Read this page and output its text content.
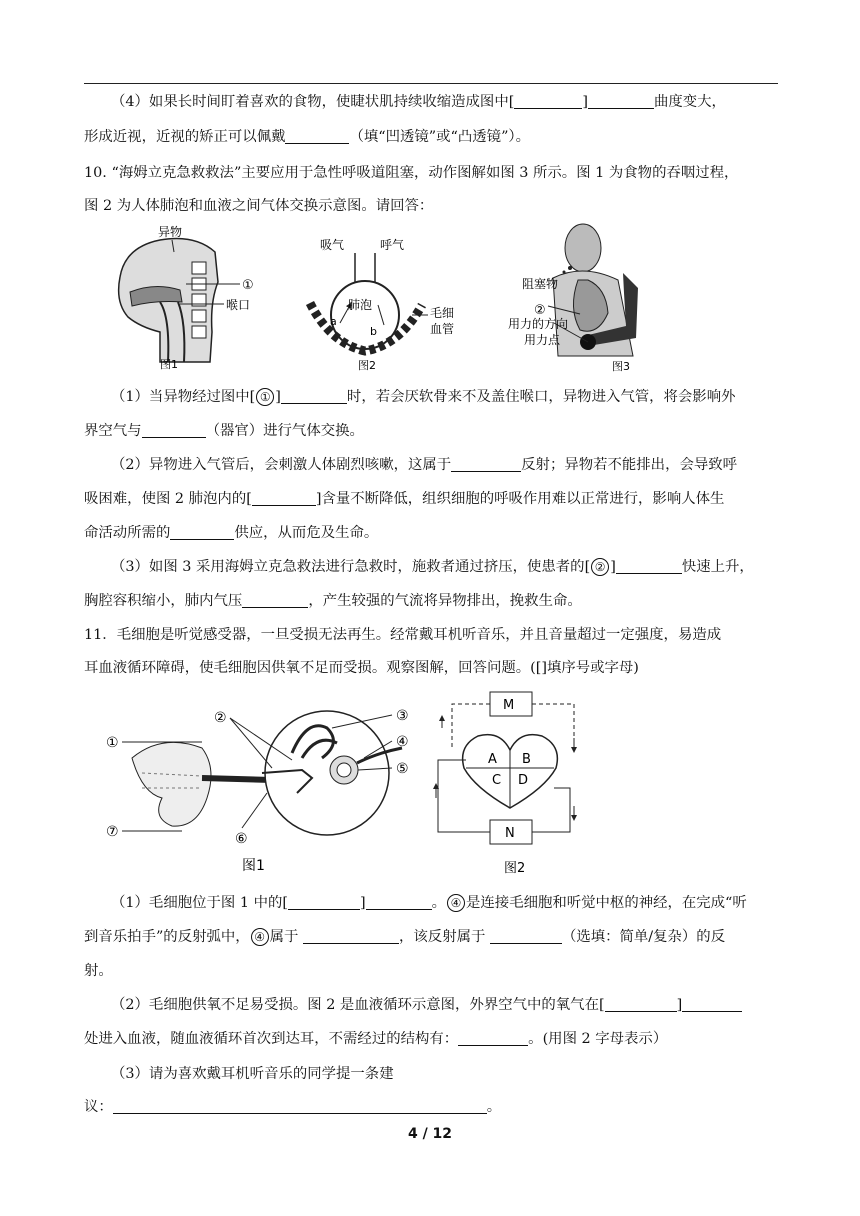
（4）如果长时间盯着喜欢的食物，使睫状肌持续收缩造成图中[	]	曲度变大，
形成近视，近视的矫正可以佩戴	（填“凹透镜”或“凸透镜”）。
10. “海姆立克急救救法”主要应用于急性呼吸道阻塞，动作图解如图 3 所示。图 1 为食物的吞咽过程，
图 2 为人体肺泡和血液之间气体交换示意图。请回答：
异物
①
喉口
图1
吸气	呼气
肺泡
a
b
毛细
血管
图2
阻塞物
②
用力的方向
用力点
图3
（1）当异物经过图中[ ① ]	时，若会厌软骨来不及盖住喉口，异物进入气管，将会影响外
界空气与	（器官）进行气体交换。
（2）异物进入气管后，会刺激人体剧烈咳嗽，这属于	反射；异物若不能排出，会导致呼
吸困难，使图 2 肺泡内的[	]含量不断降低，组织细胞的呼吸作用难以正常进行，影响人体生
命活动所需的	供应，从而危及生命。
（3）如图 3 采用海姆立克急救法进行急救时，施救者通过挤压，使患者的[ ② ]	快速上升，
胸腔容积缩小，肺内气压	，产生较强的气流将异物排出，挽救生命。
11．毛细胞是听觉感受器，一旦受损无法再生。经常戴耳机听音乐，并且音量超过一定强度，易造成
耳血液循环障碍，使毛细胞因供氧不足而受损。观察图解，回答问题。([]填序号或字母)
①
②	③
④
⑤
⑥
⑦
图1
M
N
A B
C D
图2
（1）毛细胞位于图 1 中的[	]	。 ④ 是连接毛细胞和听觉中枢的神经，在完成“听
到音乐拍手”的反射弧中， ④ 属于	，该反射属于	（选填：简单/复杂）的反
射。
（2）毛细胞供氧不足易受损。图 2 是血液循环示意图，外界空气中的氧气在[	]
处进入血液，随血液循环首次到达耳，不需经过的结构有：	。(用图 2 字母表示）
（3）请为喜欢戴耳机听音乐的同学提一条建
议：	。
4 / 12
